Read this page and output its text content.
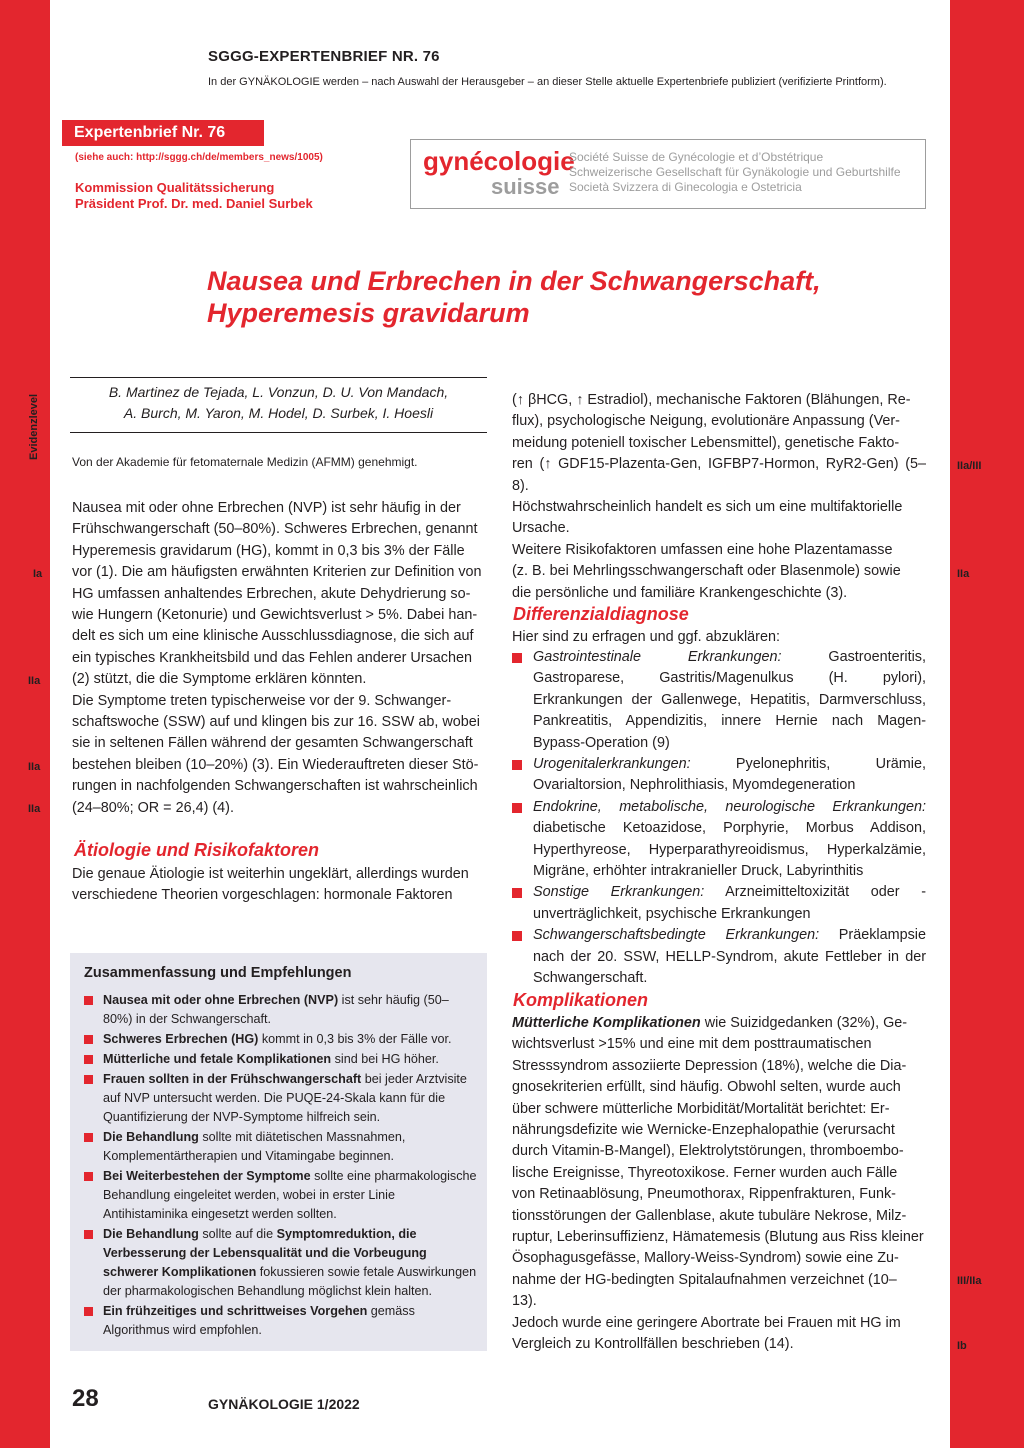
SGGG-EXPERTENBRIEF NR. 76
In der GYNÄKOLOGIE werden – nach Auswahl der Herausgeber – an dieser Stelle aktuelle Expertenbriefe publiziert (verifizierte Printform).
Expertenbrief Nr. 76
(siehe auch: http://sggg.ch/de/members_news/1005)
Kommission Qualitätssicherung
Präsident Prof. Dr. med. Daniel Surbek
gynécologie
suisse
Société Suisse de Gynécologie et d’Obstétrique
Schweizerische Gesellschaft für Gynäkologie und Geburtshilfe
Società Svizzera di Ginecologia e Ostetricia
Nausea und Erbrechen in der Schwangerschaft,
Hyperemesis gravidarum
B. Martinez de Tejada, L. Vonzun, D. U. Von Mandach,
A. Burch, M. Yaron, M. Hodel, D. Surbek, I. Hoesli
Von der Akademie für fetomaternale Medizin (AFMM) genehmigt.
Evidenzlevel
Ia
IIa
IIa
IIa
IIa/III
IIa
III/IIa
Ib
Nausea mit oder ohne Erbrechen (NVP) ist sehr häufig in der
Frühschwangerschaft (50–80%). Schweres Erbrechen, genannt
Hyperemesis gravidarum (HG), kommt in 0,3 bis 3% der Fälle
vor (1). Die am häufigsten erwähnten Kriterien zur Definition von
HG umfassen anhaltendes Erbrechen, akute Dehydrierung so-
wie Hungern (Ketonurie) und Gewichtsverlust > 5%. Dabei han-
delt es sich um eine klinische Ausschlussdiagnose, die sich auf
ein typisches Krankheitsbild und das Fehlen anderer Ursachen
(2) stützt, die die Symptome erklären könnten.
Die Symptome treten typischerweise vor der 9. Schwanger-
schaftswoche (SSW) auf und klingen bis zur 16. SSW ab, wobei
sie in seltenen Fällen während der gesamten Schwangerschaft
bestehen bleiben (10–20%) (3). Ein Wiederauftreten dieser Stö-
rungen in nachfolgenden Schwangerschaften ist wahrscheinlich
(24–80%; OR = 26,4) (4).
Ätiologie und Risikofaktoren
Die genaue Ätiologie ist weiterhin ungeklärt, allerdings wurden
verschiedene Theorien vorgeschlagen: hormonale Faktoren
Zusammenfassung und Empfehlungen
Nausea mit oder ohne Erbrechen (NVP) ist sehr häufig (50–80%) in der Schwangerschaft.
Schweres Erbrechen (HG) kommt in 0,3 bis 3% der Fälle vor.
Mütterliche und fetale Komplikationen sind bei HG höher.
Frauen sollten in der Frühschwangerschaft bei jeder Arztvisite auf NVP untersucht werden. Die PUQE-24-Skala kann für die Quantifizierung der NVP-Symptome hilfreich sein.
Die Behandlung sollte mit diätetischen Massnahmen, Komplementärtherapien und Vitamingabe beginnen.
Bei Weiterbestehen der Symptome sollte eine pharmakologische Behandlung eingeleitet werden, wobei in erster Linie Antihistaminika eingesetzt werden sollten.
Die Behandlung sollte auf die Symptomreduktion, die Verbesserung der Lebensqualität und die Vorbeugung schwerer Komplikationen fokussieren sowie fetale Auswirkungen der pharmakologischen Behandlung möglichst klein halten.
Ein frühzeitiges und schrittweises Vorgehen gemäss Algorithmus wird empfohlen.
(↑ βHCG, ↑ Estradiol), mechanische Faktoren (Blähungen, Re-
flux), psychologische Neigung, evolutionäre Anpassung (Ver-
meidung poteniell toxischer Lebensmittel), genetische Fakto-
ren (↑ GDF15-Plazenta-Gen, IGFBP7-Hormon, RyR2-Gen) (5–8).
Höchstwahrscheinlich handelt es sich um eine multifaktorielle
Ursache.
Weitere Risikofaktoren umfassen eine hohe Plazentamasse
(z. B. bei Mehrlingsschwangerschaft oder Blasenmole) sowie
die persönliche und familiäre Krankengeschichte (3).
Differenzialdiagnose
Hier sind zu erfragen und ggf. abzuklären:
Gastrointestinale Erkrankungen: Gastroenteritis, Gastroparese, Gastritis/Magenulkus (H. pylori), Erkrankungen der Gallenwege, Hepatitis, Darmverschluss, Pankreatitis, Appendizitis, innere Hernie nach Magen-Bypass-Operation (9)
Urogenitalerkrankungen: Pyelonephritis, Urämie, Ovarialtorsion, Nephrolithiasis, Myomdegeneration
Endokrine, metabolische, neurologische Erkrankungen: diabetische Ketoazidose, Porphyrie, Morbus Addison, Hyperthyreose, Hyperparathyreoidismus, Hyperkalzämie, Migräne, erhöhter intrakranieller Druck, Labyrinthitis
Sonstige Erkrankungen: Arzneimitteltoxizität oder -unverträglichkeit, psychische Erkrankungen
Schwangerschaftsbedingte Erkrankungen: Präeklampsie nach der 20. SSW, HELLP-Syndrom, akute Fettleber in der Schwangerschaft.
Komplikationen
Mütterliche Komplikationen wie Suizidgedanken (32%), Ge-
wichtsverlust >15% und eine mit dem posttraumatischen
Stresssyndrom assoziierte Depression (18%), welche die Dia-
gnosekriterien erfüllt, sind häufig. Obwohl selten, wurde auch
über schwere mütterliche Morbidität/Mortalität berichtet: Er-
nährungsdefizite wie Wernicke-Enzephalopathie (verursacht
durch Vitamin-B-Mangel), Elektrolytstörungen, thromboembo-
lische Ereignisse, Thyreotoxikose. Ferner wurden auch Fälle
von Retinaablösung, Pneumothorax, Rippenfrakturen, Funk-
tionsstörungen der Gallenblase, akute tubuläre Nekrose, Milz-
ruptur, Leberinsuffizienz, Hämatemesis (Blutung aus Riss kleiner
Ösophagusgefässe, Mallory-Weiss-Syndrom) sowie eine Zu-
nahme der HG-bedingten Spitalaufnahmen verzeichnet (10–
13).
Jedoch wurde eine geringere Abortrate bei Frauen mit HG im
Vergleich zu Kontrollfällen beschrieben (14).
28	GYNÄKOLOGIE 1/2022
